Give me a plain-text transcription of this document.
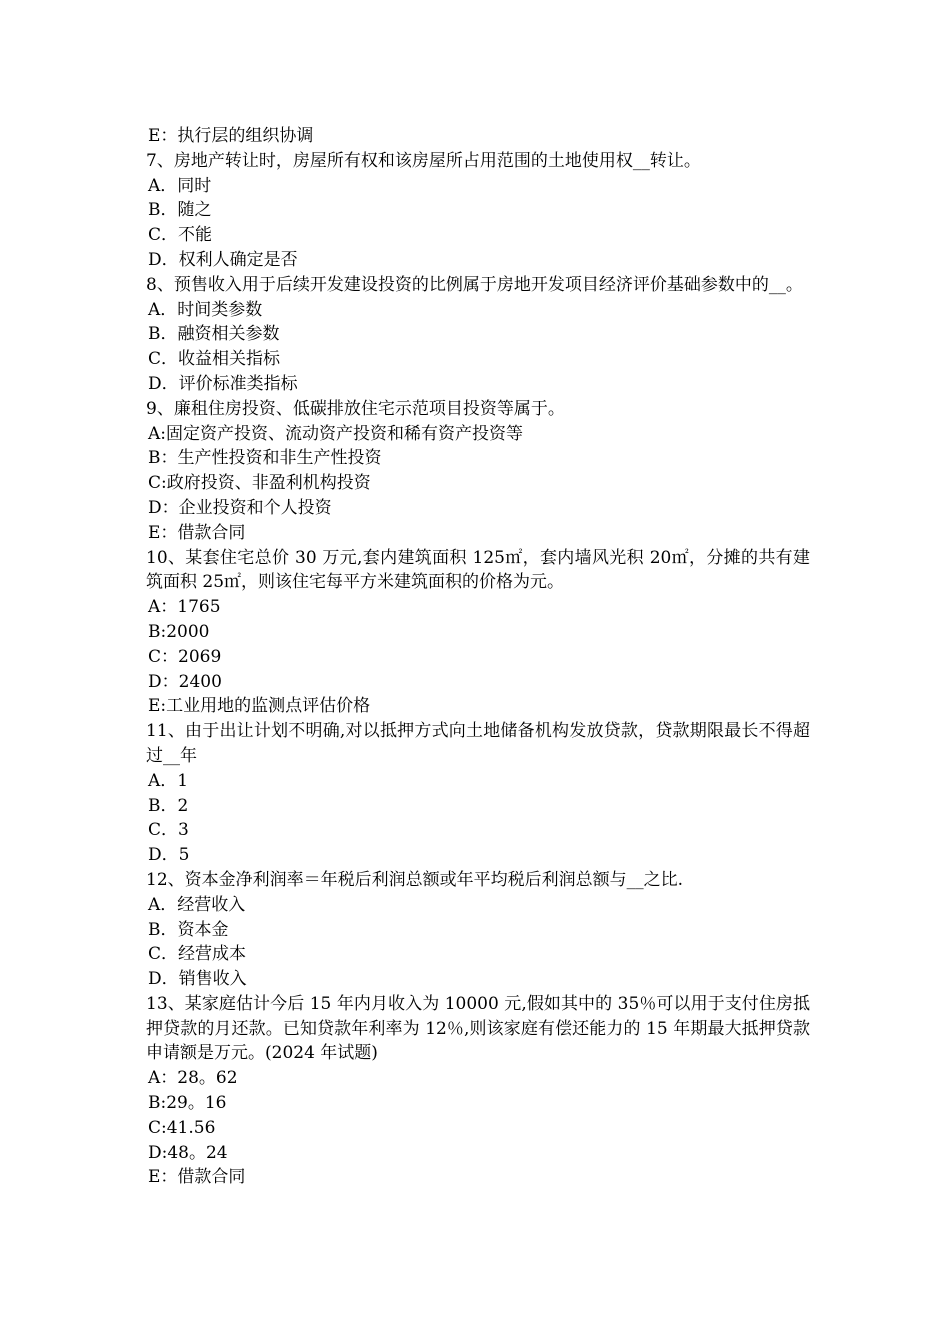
E：执行层的组织协调
7、房地产转让时，房屋所有权和该房屋所占用范围的土地使用权__转让。
A．同时
B．随之
C．不能
D．权利人确定是否
8、预售收入用于后续开发建设投资的比例属于房地开发项目经济评价基础参数中的__。
A．时间类参数
B．融资相关参数
C．收益相关指标
D．评价标准类指标
9、廉租住房投资、低碳排放住宅示范项目投资等属于。
A:固定资产投资、流动资产投资和稀有资产投资等
B：生产性投资和非生产性投资
C:政府投资、非盈利机构投资
D：企业投资和个人投资
E：借款合同
10、某套住宅总价 30 万元,套内建筑面积 125㎡，套内墙风光积 20㎡，分摊的共有建筑面积 25㎡，则该住宅每平方米建筑面积的价格为元。
A：1765
B:2000
C：2069
D：2400
E:工业用地的监测点评估价格
11、由于出让计划不明确,对以抵押方式向土地储备机构发放贷款，贷款期限最长不得超过__年
A．1
B．2
C．3
D．5
12、资本金净利润率＝年税后利润总额或年平均税后利润总额与__之比.
A．经营收入
B．资本金
C．经营成本
D．销售收入
13、某家庭估计今后 15 年内月收入为 10000 元,假如其中的 35％可以用于支付住房抵押贷款的月还款。已知贷款年利率为 12％,则该家庭有偿还能力的 15 年期最大抵押贷款申请额是万元。(2024 年试题)
A：28。62
B:29。16
C:41.56
D:48。24
E：借款合同
